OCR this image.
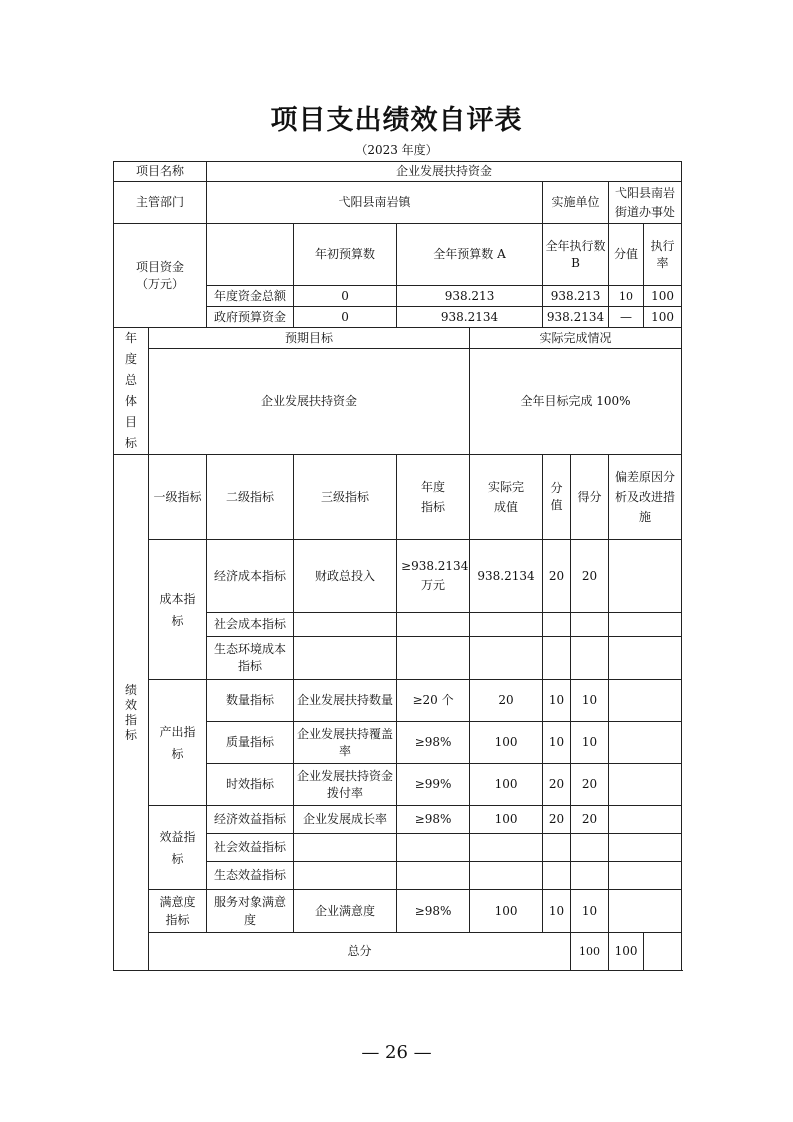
项目支出绩效自评表
（2023 年度）
项目名称		企业发展扶持资金								
主管部门		弋阳县南岩镇				实施单位		弋阳县南岩街道办事处		

项目资金
（万元）			年初预算数	全年预算数 A		全年执行数 B		分值	执行率	
		年度资金总额	0	938.213		938.213		10	100	
		政府预算资金	0	938.2134		938.2134		—	100	
年度总体目标	预期目标				实际完成情况					
	企业发展扶持资金				全年目标完成 100%					
绩效指标	一级指标	二级指标	三级指标	年度指标	实际完成值	分值	得分	偏差原因分析及改进措施		
	成本指标	经济成本指标	财政总投入	≥938.2134 万元	938.2134	20	20			
		社会成本指标								
		生态环境成本指标								
	产出指标	数量指标	企业发展扶持数量	≥20 个	20	10	10			
		质量指标	企业发展扶持覆盖率	≥98%	100	10	10			
		时效指标	企业发展扶持资金拨付率	≥99%	100	20	20			
	效益指标	经济效益指标	企业发展成长率	≥98%	100	20	20			
		社会效益指标								
		生态效益指标								
	满意度指标	服务对象满意度	企业满意度	≥98%	100	10	10			
	总分						100	100		
— 26 —
